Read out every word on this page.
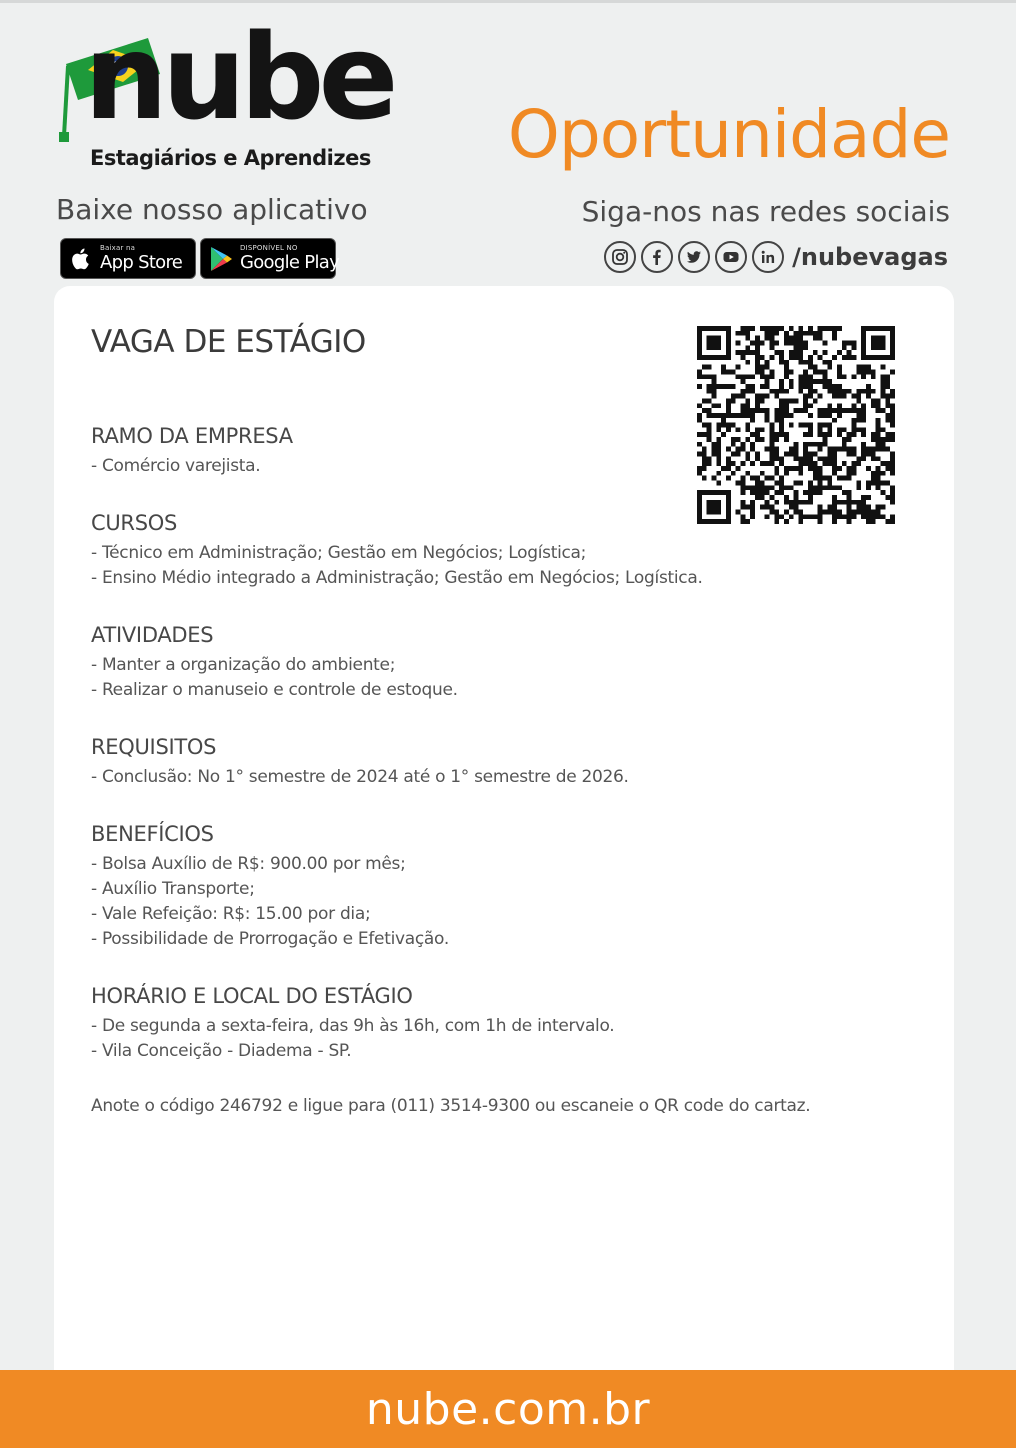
nube
Estagiários e Aprendizes Oportunidade
Baixe nosso aplicativo
Baixar na
App Store
DISPONÍVEL NO
Google Play
Siga-nos nas redes sociais
/nubevagas
VAGA DE ESTÁGIO
RAMO DA EMPRESA
- Comércio varejista.
CURSOS
- Técnico em Administração; Gestão em Negócios; Logística;
- Ensino Médio integrado a Administração; Gestão em Negócios; Logística.
ATIVIDADES
- Manter a organização do ambiente;
- Realizar o manuseio e controle de estoque.
REQUISITOS
- Conclusão: No 1° semestre de 2024 até o 1° semestre de 2026.
BENEFÍCIOS
- Bolsa Auxílio de R$: 900.00 por mês;
- Auxílio Transporte;
- Vale Refeição: R$: 15.00 por dia;
- Possibilidade de Prorrogação e Efetivação.
HORÁRIO E LOCAL DO ESTÁGIO
- De segunda a sexta-feira, das 9h às 16h, com 1h de intervalo.
- Vila Conceição - Diadema - SP.
Anote o código 246792 e ligue para (011) 3514-9300 ou escaneie o QR code do cartaz.
nube.com.br
